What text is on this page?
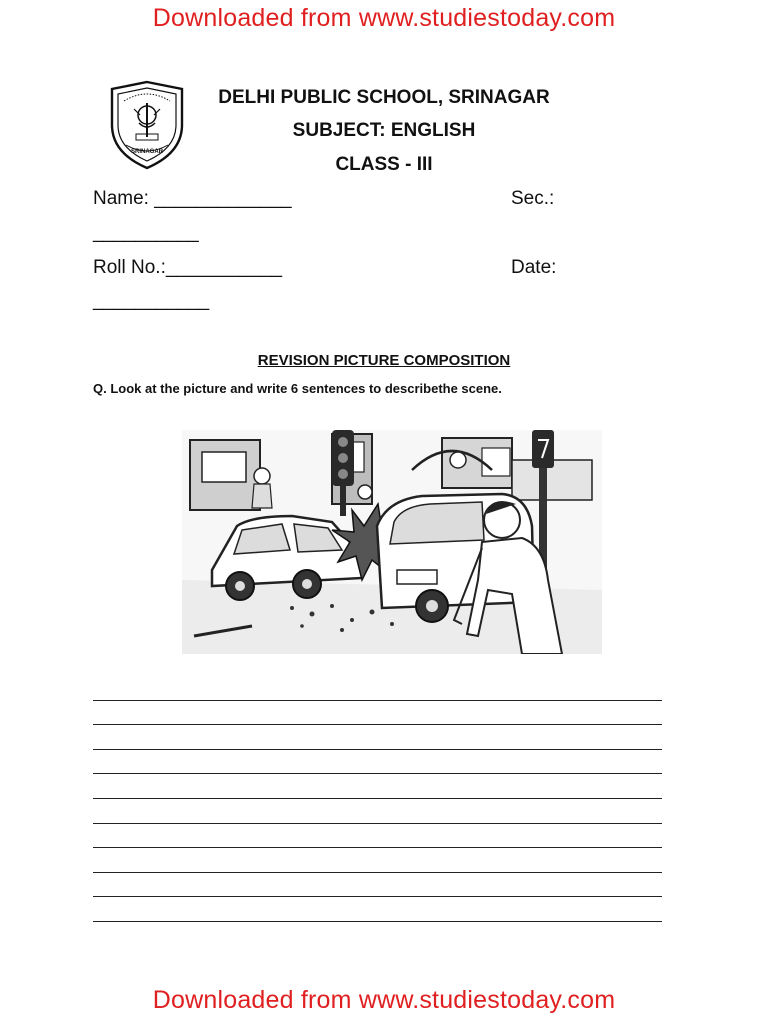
Downloaded from www.studiestoday.com
SRINAGAR
DELHI PUBLIC SCHOOL, SRINAGAR
SUBJECT: ENGLISH
CLASS - III
Name: _____________	Sec.:
__________
Roll No.:___________	Date:
___________
REVISION PICTURE COMPOSITION
Q. Look at the picture and write 6 sentences to describethe scene.
Downloaded from www.studiestoday.com
